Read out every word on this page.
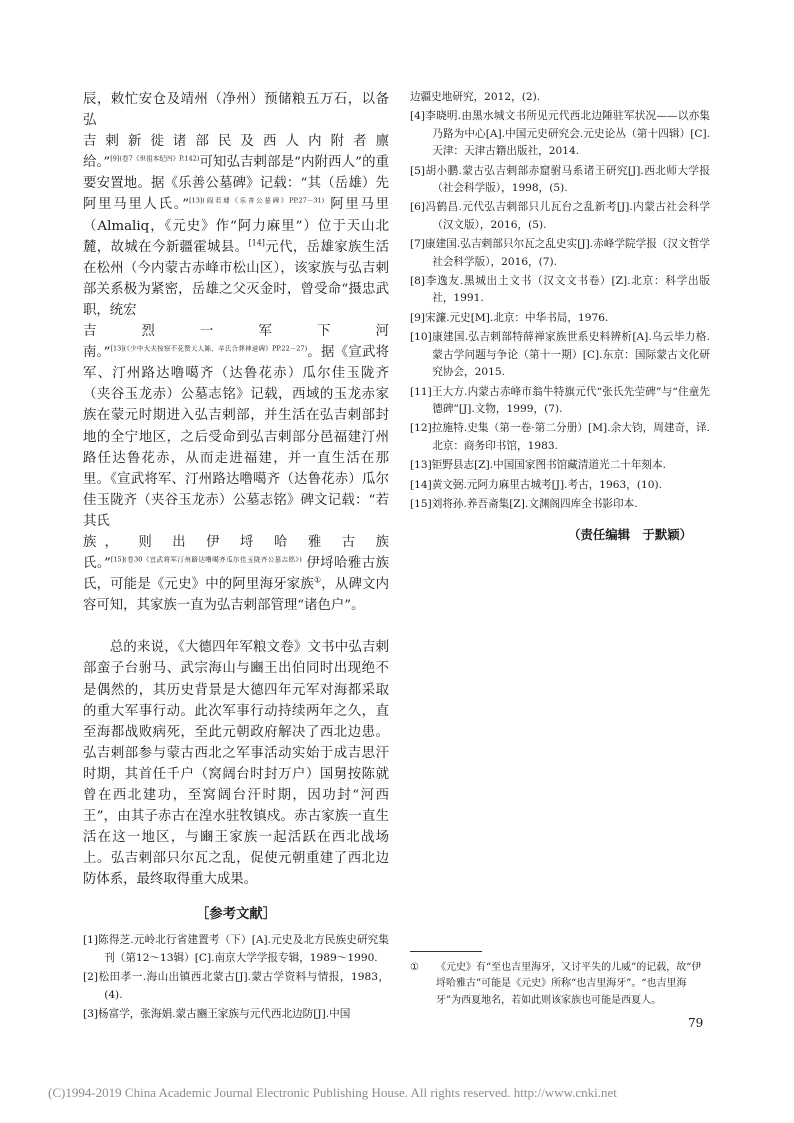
辰，敕忙安仓及靖州（净州）预储粮五万石，以备弘
吉 剌 新 徙 诸 部 民 及 西 人 内 附 者 廪
给。”$^{[9](卷7《世祖本纪四》P.142)}$可知弘吉剌部是“内附西人”的重要安置地。据《乐善公墓碑》记载：“其（岳雄）先阿里马里人氏。”$^{[13](阎若璩《乐善公墓碑》PP.27-31)}$ 阿里马里（Almaliq，《元史》作“阿力麻里”）位于天山北麓，故城在今新疆霍城县。[14]元代，岳雄家族生活在松州（今内蒙古赤峰市松山区），该家族与弘吉剌部关系极为紧密，岳雄之父灭金时，曾受命“摄忠武职，统宏
吉 烈 一 军 下 河
南。”$^{[13](《少中大夫按察不花赞天人陈、辛氏合葬神道碑》PP.22-27)}$。据《宣武将军、汀州路达噜噶齐（达鲁花赤）瓜尔佳玉陇齐（夹谷玉龙赤）公墓志铭》记载，西域的玉龙赤家族在蒙元时期进入弘吉剌部，并生活在弘吉剌部封地的全宁地区，之后受命到弘吉剌部分邑福建汀州路任达鲁花赤，从而走进福建，并一直生活在那里。《宣武将军、汀州路达噜噶齐（达鲁花赤）瓜尔佳玉陇齐（夹谷玉龙赤）公墓志铭》碑文记载：“若其氏
族， 则 出 伊 埒 哈 雅 古 族
氏。”$^{[15](卷30《宣武将军汀州路达噜噶齐瓜尔佳玉陇齐公墓志铭》)}$ 伊埒哈雅古族氏，可能是《元史》中的阿里海牙家族①，从碑文内容可知，其家族一直为弘吉剌部管理“诸色户”。

总的来说，《大德四年军粮文卷》文书中弘吉剌部蛮子台驸马、武宗海山与豳王出伯同时出现绝不是偶然的，其历史背景是大德四年元军对海都采取的重大军事行动。此次军事行动持续两年之久，直至海都战败病死，至此元朝政府解决了西北边患。弘吉剌部参与蒙古西北之军事活动实始于成吉思汗时期，其首任千户（窝阔台时封万户）国舅按陈就曾在西北建功，至窝阔台汗时期，因功封“河西王”，由其子赤古在湟水驻牧镇戍。赤古家族一直生活在这一地区，与豳王家族一起活跃在西北战场上。弘吉剌部只尔瓦之乱，促使元朝重建了西北边防体系，最终取得重大成果。

［参考文献］

[1]陈得芝.元岭北行省建置考（下）[A].元史及北方民族史研究集刊（第12～13辑）[C].南京大学学报专辑，1989～1990.

[2]松田孝一.海山出镇西北蒙古[J].蒙古学资料与情报，1983，(4).

[3]杨富学，张海娟.蒙古豳王家族与元代西北边防[J].中国

边疆史地研究，2012，(2).

[4]李晓明.由黑水城文书所见元代西北边陲驻军状况——以亦集乃路为中心[A].中国元史研究会.元史论丛（第十四辑）[C].天津：天津古籍出版社，2014.

[5]胡小鹏.蒙古弘吉剌部赤窟驸马系诸王研究[J].西北师大学报（社会科学版），1998，(5).

[6]冯鹤昌.元代弘吉剌部只儿瓦台之乱新考[J].内蒙古社会科学（汉文版），2016，(5).

[7]康建国.弘吉剌部只尔瓦之乱史实[J].赤峰学院学报（汉文哲学社会科学版），2016，(7).

[8]李逸友.黑城出土文书（汉文文书卷）[Z].北京：科学出版社，1991.

[9]宋濂.元史[M].北京：中华书局，1976.

[10]康建国.弘吉剌部特薛禅家族世系史料辨析[A].乌云毕力格.蒙古学问题与争论（第十一期）[C].东京：国际蒙古文化研究协会，2015.

[11]王大方.内蒙古赤峰市翁牛特旗元代“张氏先茔碑”与“住童先德碑”[J].文物，1999，(7).

[12]拉施特.史集（第一卷·第二分册）[M].余大钧，周建奇，译.北京：商务印书馆，1983.

[13]钜野县志[Z].中国国家图书馆藏清道光二十年刻本.

[14]黄文弼.元阿力麻里古城考[J].考古，1963，(10).

[15]刘将孙.养吾斋集[Z].文渊阁四库全书影印本.

（责任编辑　于默颖）
①	《元史》有“至也吉里海牙，又讨平失的儿威”的记载，故“伊埒哈雅古”可能是《元史》所称“也吉里海牙”。“也吉里海牙”为西夏地名，若如此则该家族也可能是西夏人。
79
(C)1994-2019 China Academic Journal Electronic Publishing House. All rights reserved. http://www.cnki.net
